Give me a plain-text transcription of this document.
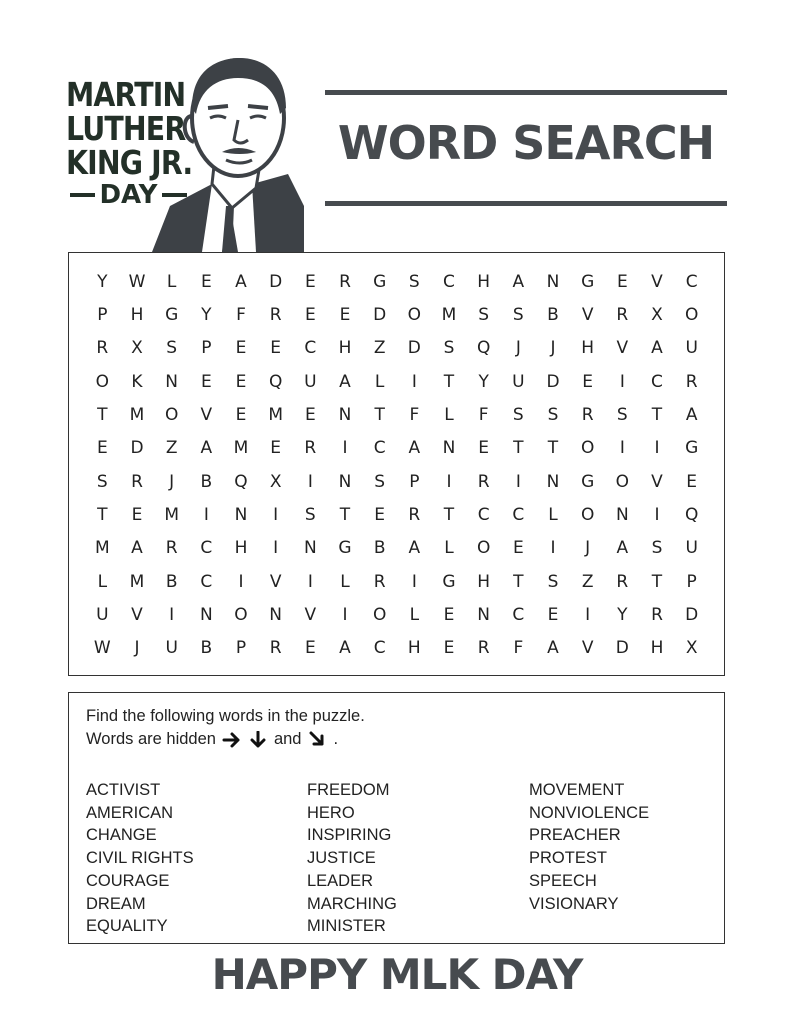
MARTIN
LUTHER
KING JR.
DAY
WORD SEARCH
Y	W	L	E	A	D	E	R	G	S	C	H	A	N	G	E	V	C
P	H	G	Y	F	R	E	E	D	O	M	S	S	B	V	R	X	O
R	X	S	P	E	E	C	H	Z	D	S	Q	J	J	H	V	A	U
O	K	N	E	E	Q	U	A	L	I	T	Y	U	D	E	I	C	R
T	M	O	V	E	M	E	N	T	F	L	F	S	S	R	S	T	A
E	D	Z	A	M	E	R	I	C	A	N	E	T	T	O	I	I	G
S	R	J	B	Q	X	I	N	S	P	I	R	I	N	G	O	V	E
T	E	M	I	N	I	S	T	E	R	T	C	C	L	O	N	I	Q
M	A	R	C	H	I	N	G	B	A	L	O	E	I	J	A	S	U
L	M	B	C	I	V	I	L	R	I	G	H	T	S	Z	R	T	P
U	V	I	N	O	N	V	I	O	L	E	N	C	E	I	Y	R	D
W	J	U	B	P	R	E	A	C	H	E	R	F	A	V	D	H	X
Find the following words in the puzzle.
Words are hidden	and .
ACTIVIST
AMERICAN
CHANGE
CIVIL RIGHTS
COURAGE
DREAM
EQUALITY
FREEDOM
HERO
INSPIRING
JUSTICE
LEADER
MARCHING
MINISTER
MOVEMENT
NONVIOLENCE
PREACHER
PROTEST
SPEECH
VISIONARY
HAPPY MLK DAY
